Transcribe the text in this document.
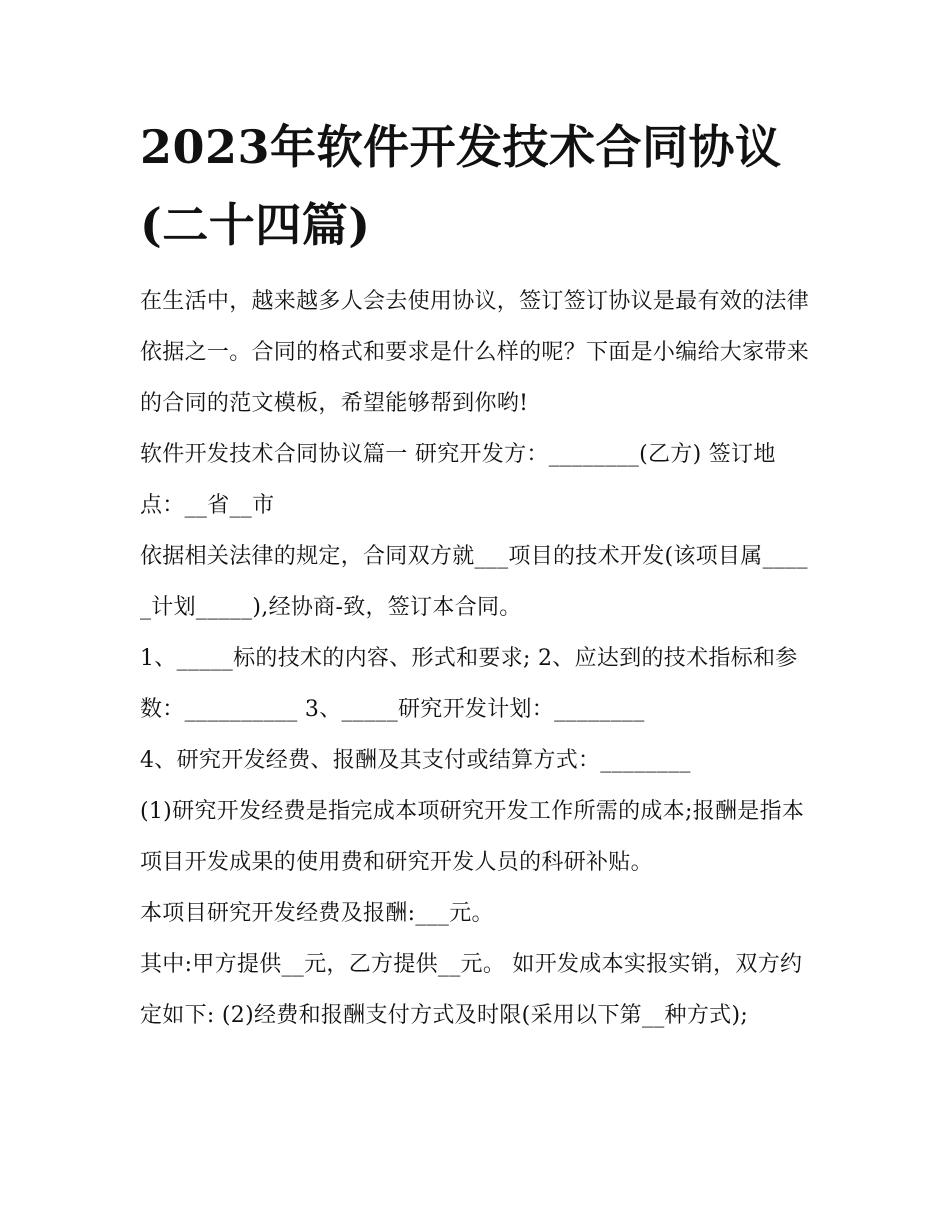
2023年软件开发技术合同协议(二十四篇)

在生活中，越来越多人会去使用协议，签订签订协议是最有效的法律依据之一。合同的格式和要求是什么样的呢？下面是小编给大家带来的合同的范文模板，希望能够帮到你哟!

软件开发技术合同协议篇一 研究开发方：________(乙方) 签订地点：__省__市

依据相关法律的规定，合同双方就___项目的技术开发(该项目属_____计划_____),经协商-致，签订本合同。

1、_____标的技术的内容、形式和要求; 2、应达到的技术指标和参数：__________ 3、_____研究开发计划：________

4、研究开发经费、报酬及其支付或结算方式：________

(1)研究开发经费是指完成本项研究开发工作所需的成本;报酬是指本项目开发成果的使用费和研究开发人员的科研补贴。

本项目研究开发经费及报酬:___元。

其中:甲方提供__元，乙方提供__元。 如开发成本实报实销，双方约定如下: (2)经费和报酬支付方式及时限(采用以下第__种方式);
